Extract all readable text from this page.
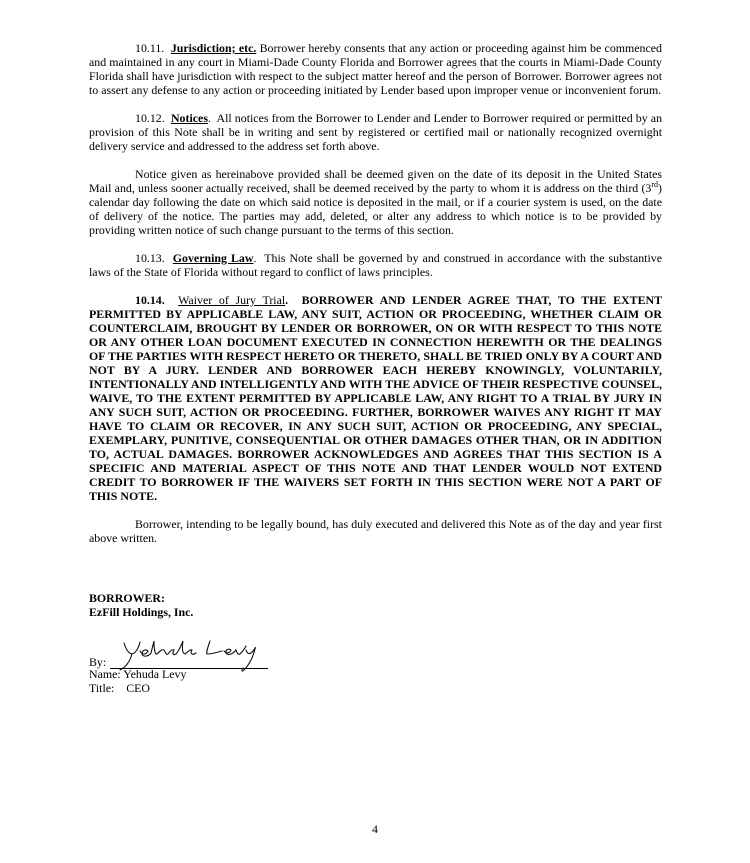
10.11. Jurisdiction; etc. Borrower hereby consents that any action or proceeding against him be commenced and maintained in any court in Miami-Dade County Florida and Borrower agrees that the courts in Miami-Dade County Florida shall have jurisdiction with respect to the subject matter hereof and the person of Borrower. Borrower agrees not to assert any defense to any action or proceeding initiated by Lender based upon improper venue or inconvenient forum.

10.12. Notices.  All notices from the Borrower to Lender and Lender to Borrower required or permitted by an provision of this Note shall be in writing and sent by registered or certified mail or nationally recognized overnight delivery service and addressed to the address set forth above.

Notice given as hereinabove provided shall be deemed given on the date of its deposit in the United States Mail and, unless sooner actually received, shall be deemed received by the party to whom it is address on the third (3rd) calendar day following the date on which said notice is deposited in the mail, or if a courier system is used, on the date of delivery of the notice. The parties may add, deleted, or alter any address to which notice is to be provided by providing written notice of such change pursuant to the terms of this section.

10.13. Governing Law.  This Note shall be governed by and construed in accordance with the substantive laws of the State of Florida without regard to conflict of laws principles.

10.14. Waiver of Jury Trial.  BORROWER AND LENDER AGREE THAT, TO THE EXTENT PERMITTED BY APPLICABLE LAW, ANY SUIT, ACTION OR PROCEEDING, WHETHER CLAIM OR COUNTERCLAIM, BROUGHT BY LENDER OR BORROWER, ON OR WITH RESPECT TO THIS NOTE OR ANY OTHER LOAN DOCUMENT EXECUTED IN CONNECTION HEREWITH OR THE DEALINGS OF THE PARTIES WITH RESPECT HERETO OR THERETO, SHALL BE TRIED ONLY BY A COURT AND NOT BY A JURY. LENDER AND BORROWER EACH HEREBY KNOWINGLY, VOLUNTARILY, INTENTIONALLY AND INTELLIGENTLY AND WITH THE ADVICE OF THEIR RESPECTIVE COUNSEL, WAIVE, TO THE EXTENT PERMITTED BY APPLICABLE LAW, ANY RIGHT TO A TRIAL BY JURY IN ANY SUCH SUIT, ACTION OR PROCEEDING. FURTHER, BORROWER WAIVES ANY RIGHT IT MAY HAVE TO CLAIM OR RECOVER, IN ANY SUCH SUIT, ACTION OR PROCEEDING, ANY SPECIAL, EXEMPLARY, PUNITIVE, CONSEQUENTIAL OR OTHER DAMAGES OTHER THAN, OR IN ADDITION TO, ACTUAL DAMAGES. BORROWER ACKNOWLEDGES AND AGREES THAT THIS SECTION IS A SPECIFIC AND MATERIAL ASPECT OF THIS NOTE AND THAT LENDER WOULD NOT EXTEND CREDIT TO BORROWER IF THE WAIVERS SET FORTH IN THIS SECTION WERE NOT A PART OF THIS NOTE.

Borrower, intending to be legally bound, has duly executed and delivered this Note as of the day and year first above written.

BORROWER:

EzFill Holdings, Inc.

By:
Yehuda Levy

Name: Yehuda Levy

Title: CEO

4
